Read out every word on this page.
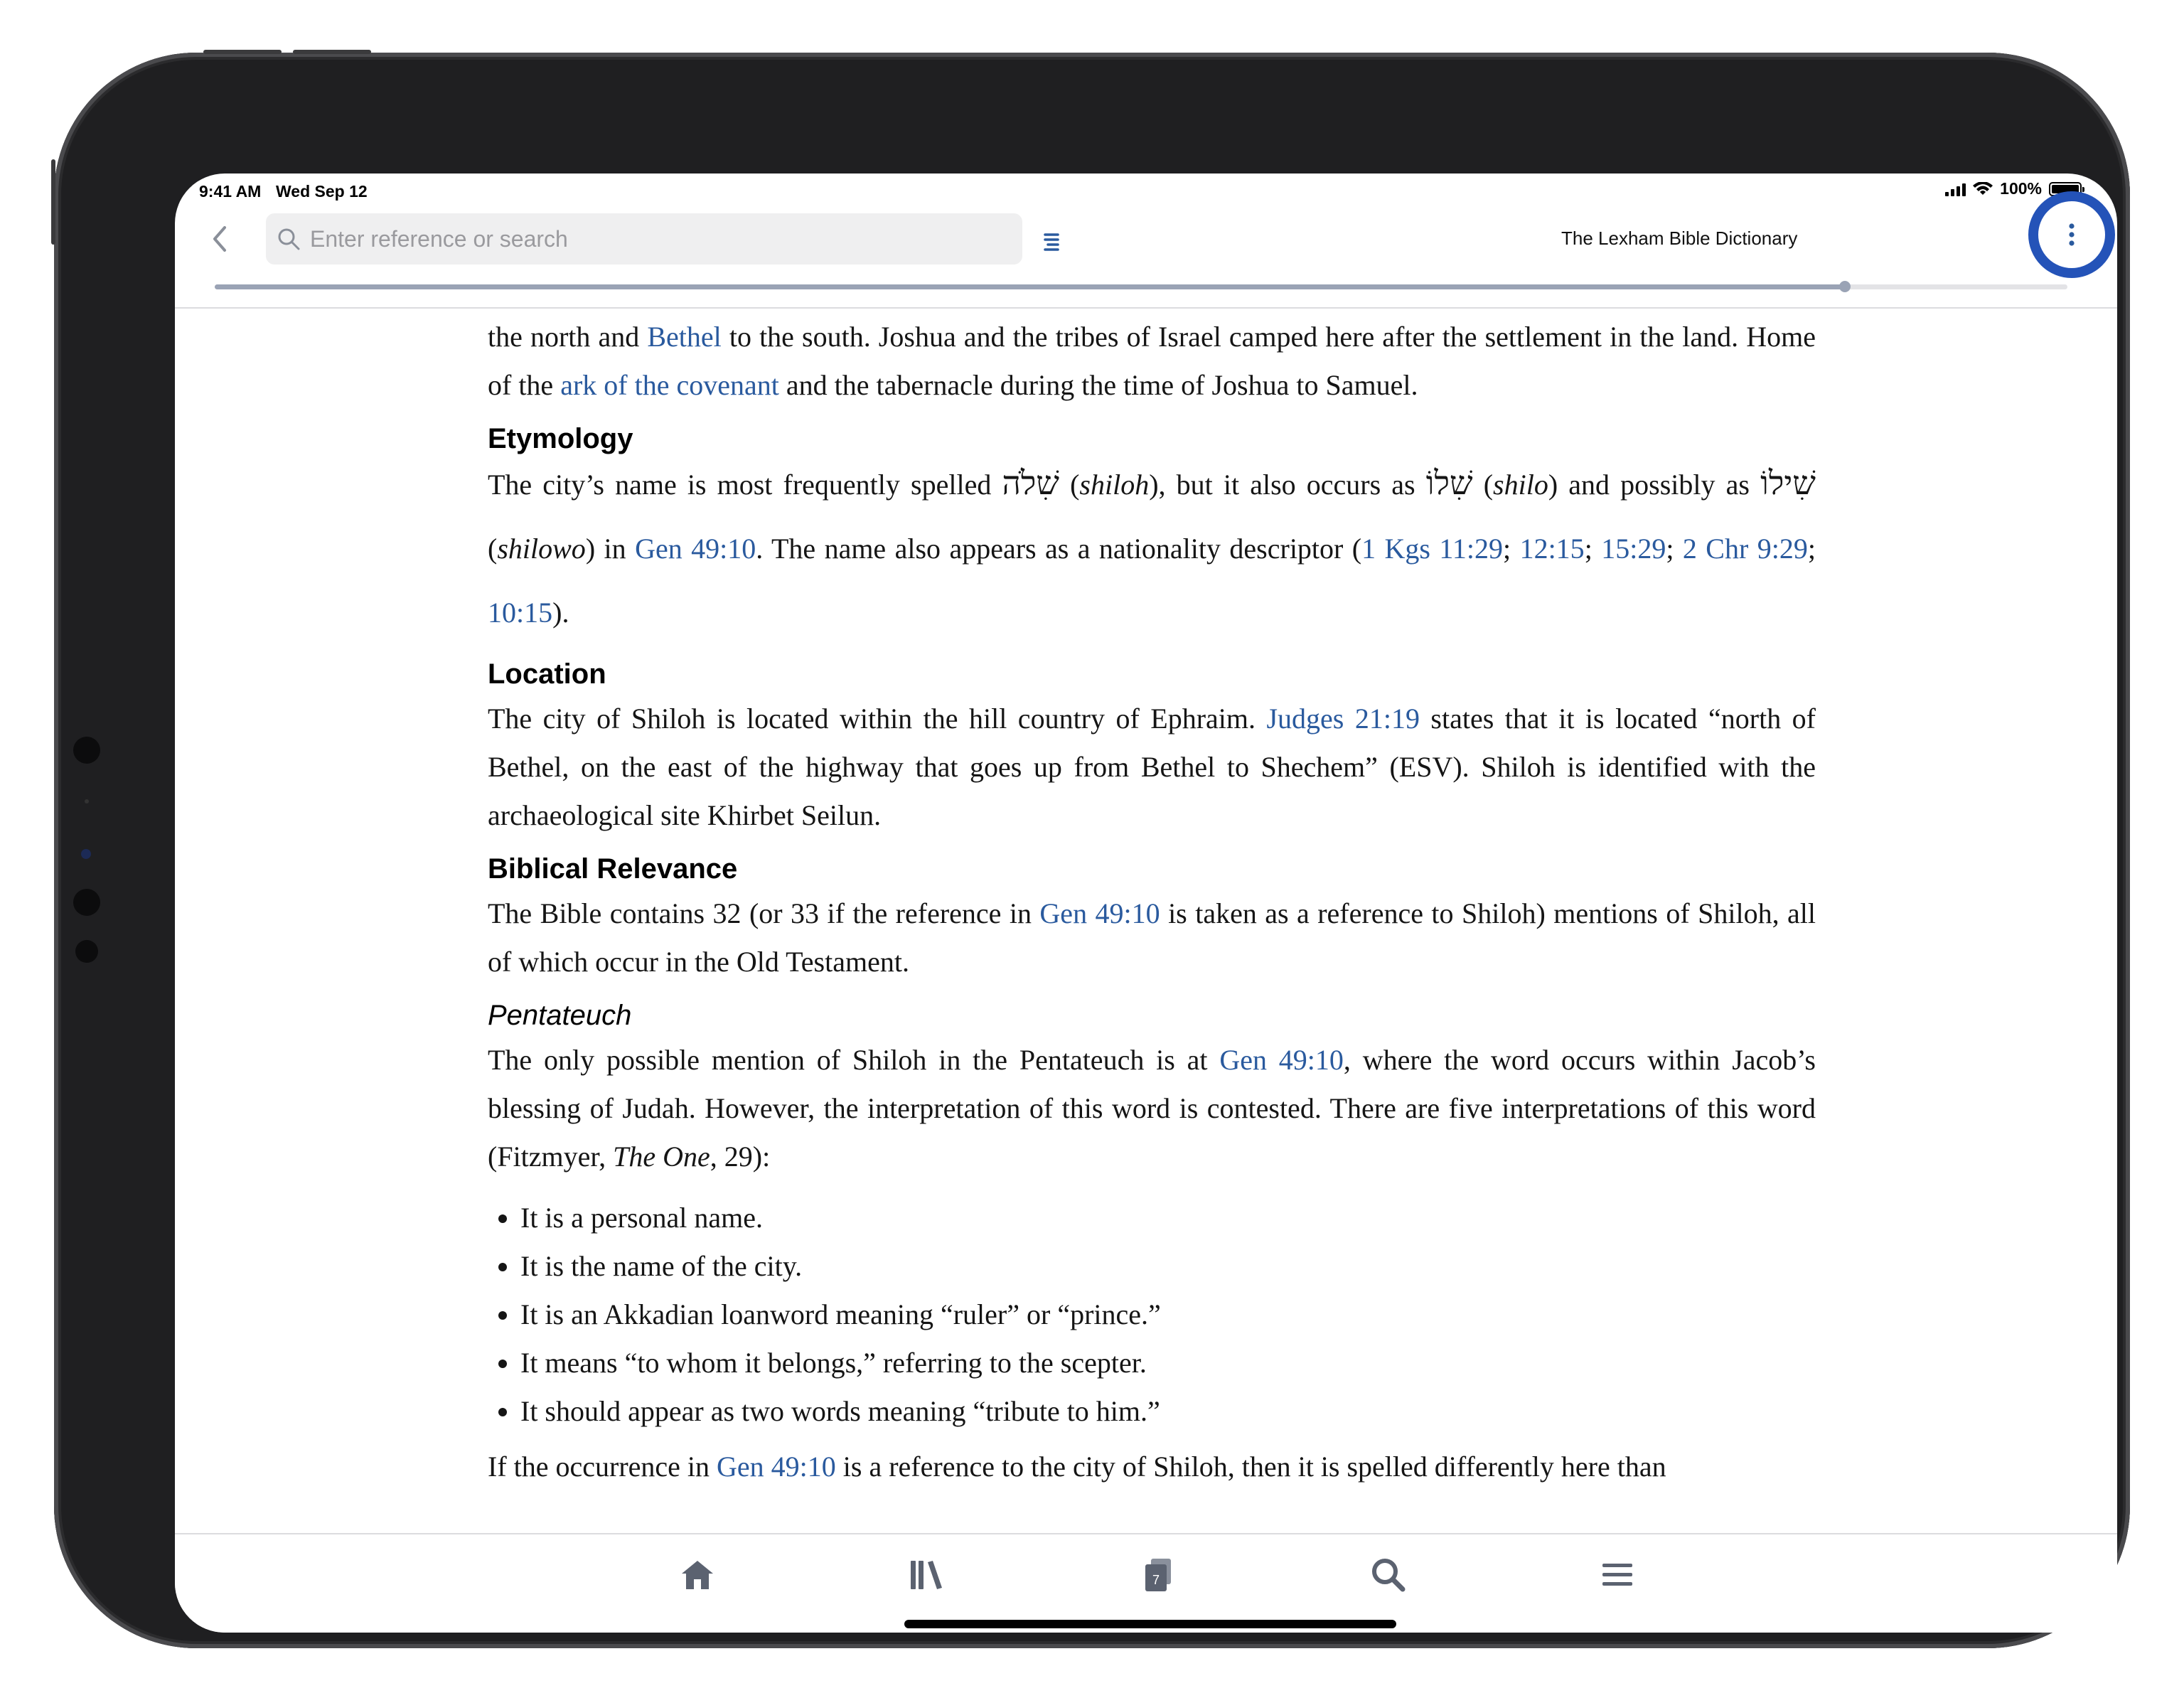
9:41 AM Wed Sep 12	100%
Enter reference or search
The Lexham Bible Dictionary

the north and Bethel to the south. Joshua and the tribes of Israel camped here after the settlement in the land. Home of the ark of the covenant and the tabernacle during the time of Joshua to Samuel.

Etymology

The city’s name is most frequently spelled שִׁלֹה (shiloh), but it also occurs as שִׁלוֹ (shilo) and possibly as שִׁילוֹ (shilowo) in Gen 49:10. The name also appears as a nationality descriptor (1 Kgs 11:29; 12:15; 15:29; 2 Chr 9:29; 10:15).

Location

The city of Shiloh is located within the hill country of Ephraim. Judges 21:19 states that it is located “north of Bethel, on the east of the highway that goes up from Bethel to Shechem” (ESV). Shiloh is identified with the archaeological site Khirbet Seilun.

Biblical Relevance

The Bible contains 32 (or 33 if the reference in Gen 49:10 is taken as a reference to Shiloh) mentions of Shiloh, all of which occur in the Old Testament.

Pentateuch

The only possible mention of Shiloh in the Pentateuch is at Gen 49:10, where the word occurs within Jacob’s blessing of Judah. However, the interpretation of this word is contested. There are five interpretations of this word (Fitzmyer, The One, 29):

• It is a personal name.
• It is the name of the city.
• It is an Akkadian loanword meaning “ruler” or “prince.”
• It means “to whom it belongs,” referring to the scepter.
• It should appear as two words meaning “tribute to him.”

If the occurrence in Gen 49:10 is a reference to the city of Shiloh, then it is spelled differently here than

7
